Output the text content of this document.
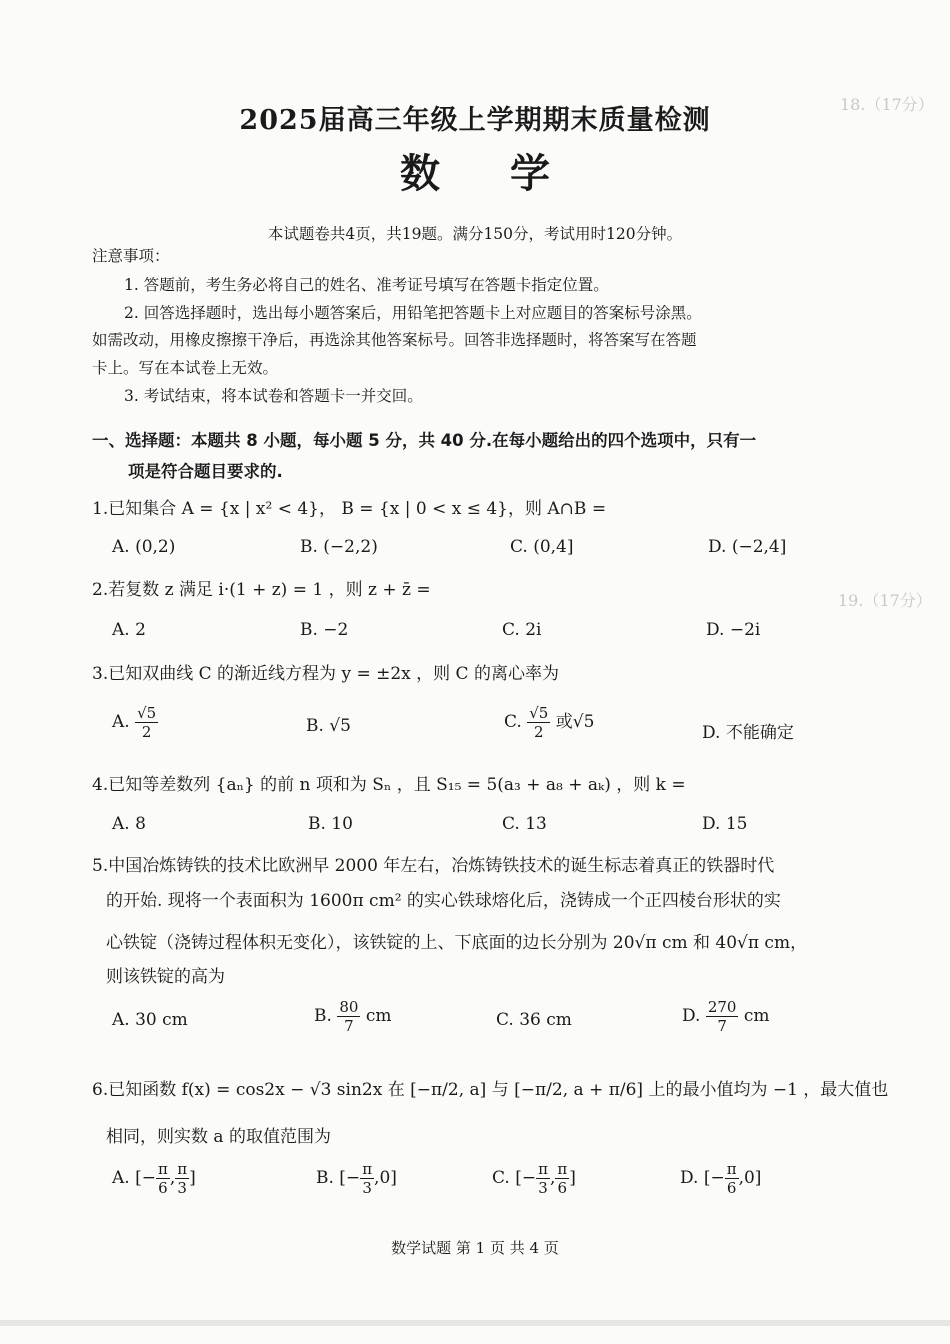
18.（17分）
19.（17分）
2025届高三年级上学期期末质量检测
数 学
本试题卷共4页，共19题。满分150分，考试用时120分钟。
注意事项：
1. 答题前，考生务必将自己的姓名、准考证号填写在答题卡指定位置。
2. 回答选择题时，选出每小题答案后，用铅笔把答题卡上对应题目的答案标号涂黑。
如需改动，用橡皮擦擦干净后，再选涂其他答案标号。回答非选择题时，将答案写在答题
卡上。写在本试卷上无效。
3. 考试结束，将本试卷和答题卡一并交回。
一、选择题：本题共 8 小题，每小题 5 分，共 40 分.在每小题给出的四个选项中，只有一
项是符合题目要求的.
1.已知集合 A = {x | x² < 4}， B = {x | 0 < x ≤ 4}，则 A∩B =
A. (0,2)	B. (−2,2)	C. (0,4]	D. (−2,4]
2.若复数 z 满足 i·(1 + z) = 1 ，则 z + z̄ =
A. 2	B. −2	C. 2i	D. −2i
3.已知双曲线 C 的渐近线方程为 y = ±2x ，则 C 的离心率为
A. $\frac{√5}{2}$	B. √5	C. $\frac{√5}{2}$ 或√5
D. 不能确定
4.已知等差数列 {aₙ} 的前 n 项和为 Sₙ ，且 S₁₅ = 5(a₃ + a₈ + aₖ) ，则 k =
A. 8	B. 10	C. 13	D. 15
5.中国冶炼铸铁的技术比欧洲早 2000 年左右，冶炼铸铁技术的诞生标志着真正的铁器时代
的开始. 现将一个表面积为 1600π cm² 的实心铁球熔化后，浇铸成一个正四棱台形状的实
心铁锭（浇铸过程体积无变化），该铁锭的上、下底面的边长分别为 20√π cm 和 40√π cm，
则该铁锭的高为
A. 30 cm	B. $\frac{80}{7}$ cm	C. 36 cm	D. $\frac{270}{7}$ cm
6.已知函数 f(x) = cos2x − √3 sin2x 在 [−π/2, a] 与 [−π/2, a + π/6] 上的最小值均为 −1 ，最大值也
相同，则实数 a 的取值范围为
A. [− $\frac{\pi}{6}$ , $\frac{\pi}{3}$ ]	B. [− $\frac{\pi}{3} ,0$]	C. [− $\frac{\pi}{3}$ , $\frac{\pi}{6}$ ]	D. [− $\frac{\pi}{6} ,0$]
数学试题 第 1 页 共 4 页
